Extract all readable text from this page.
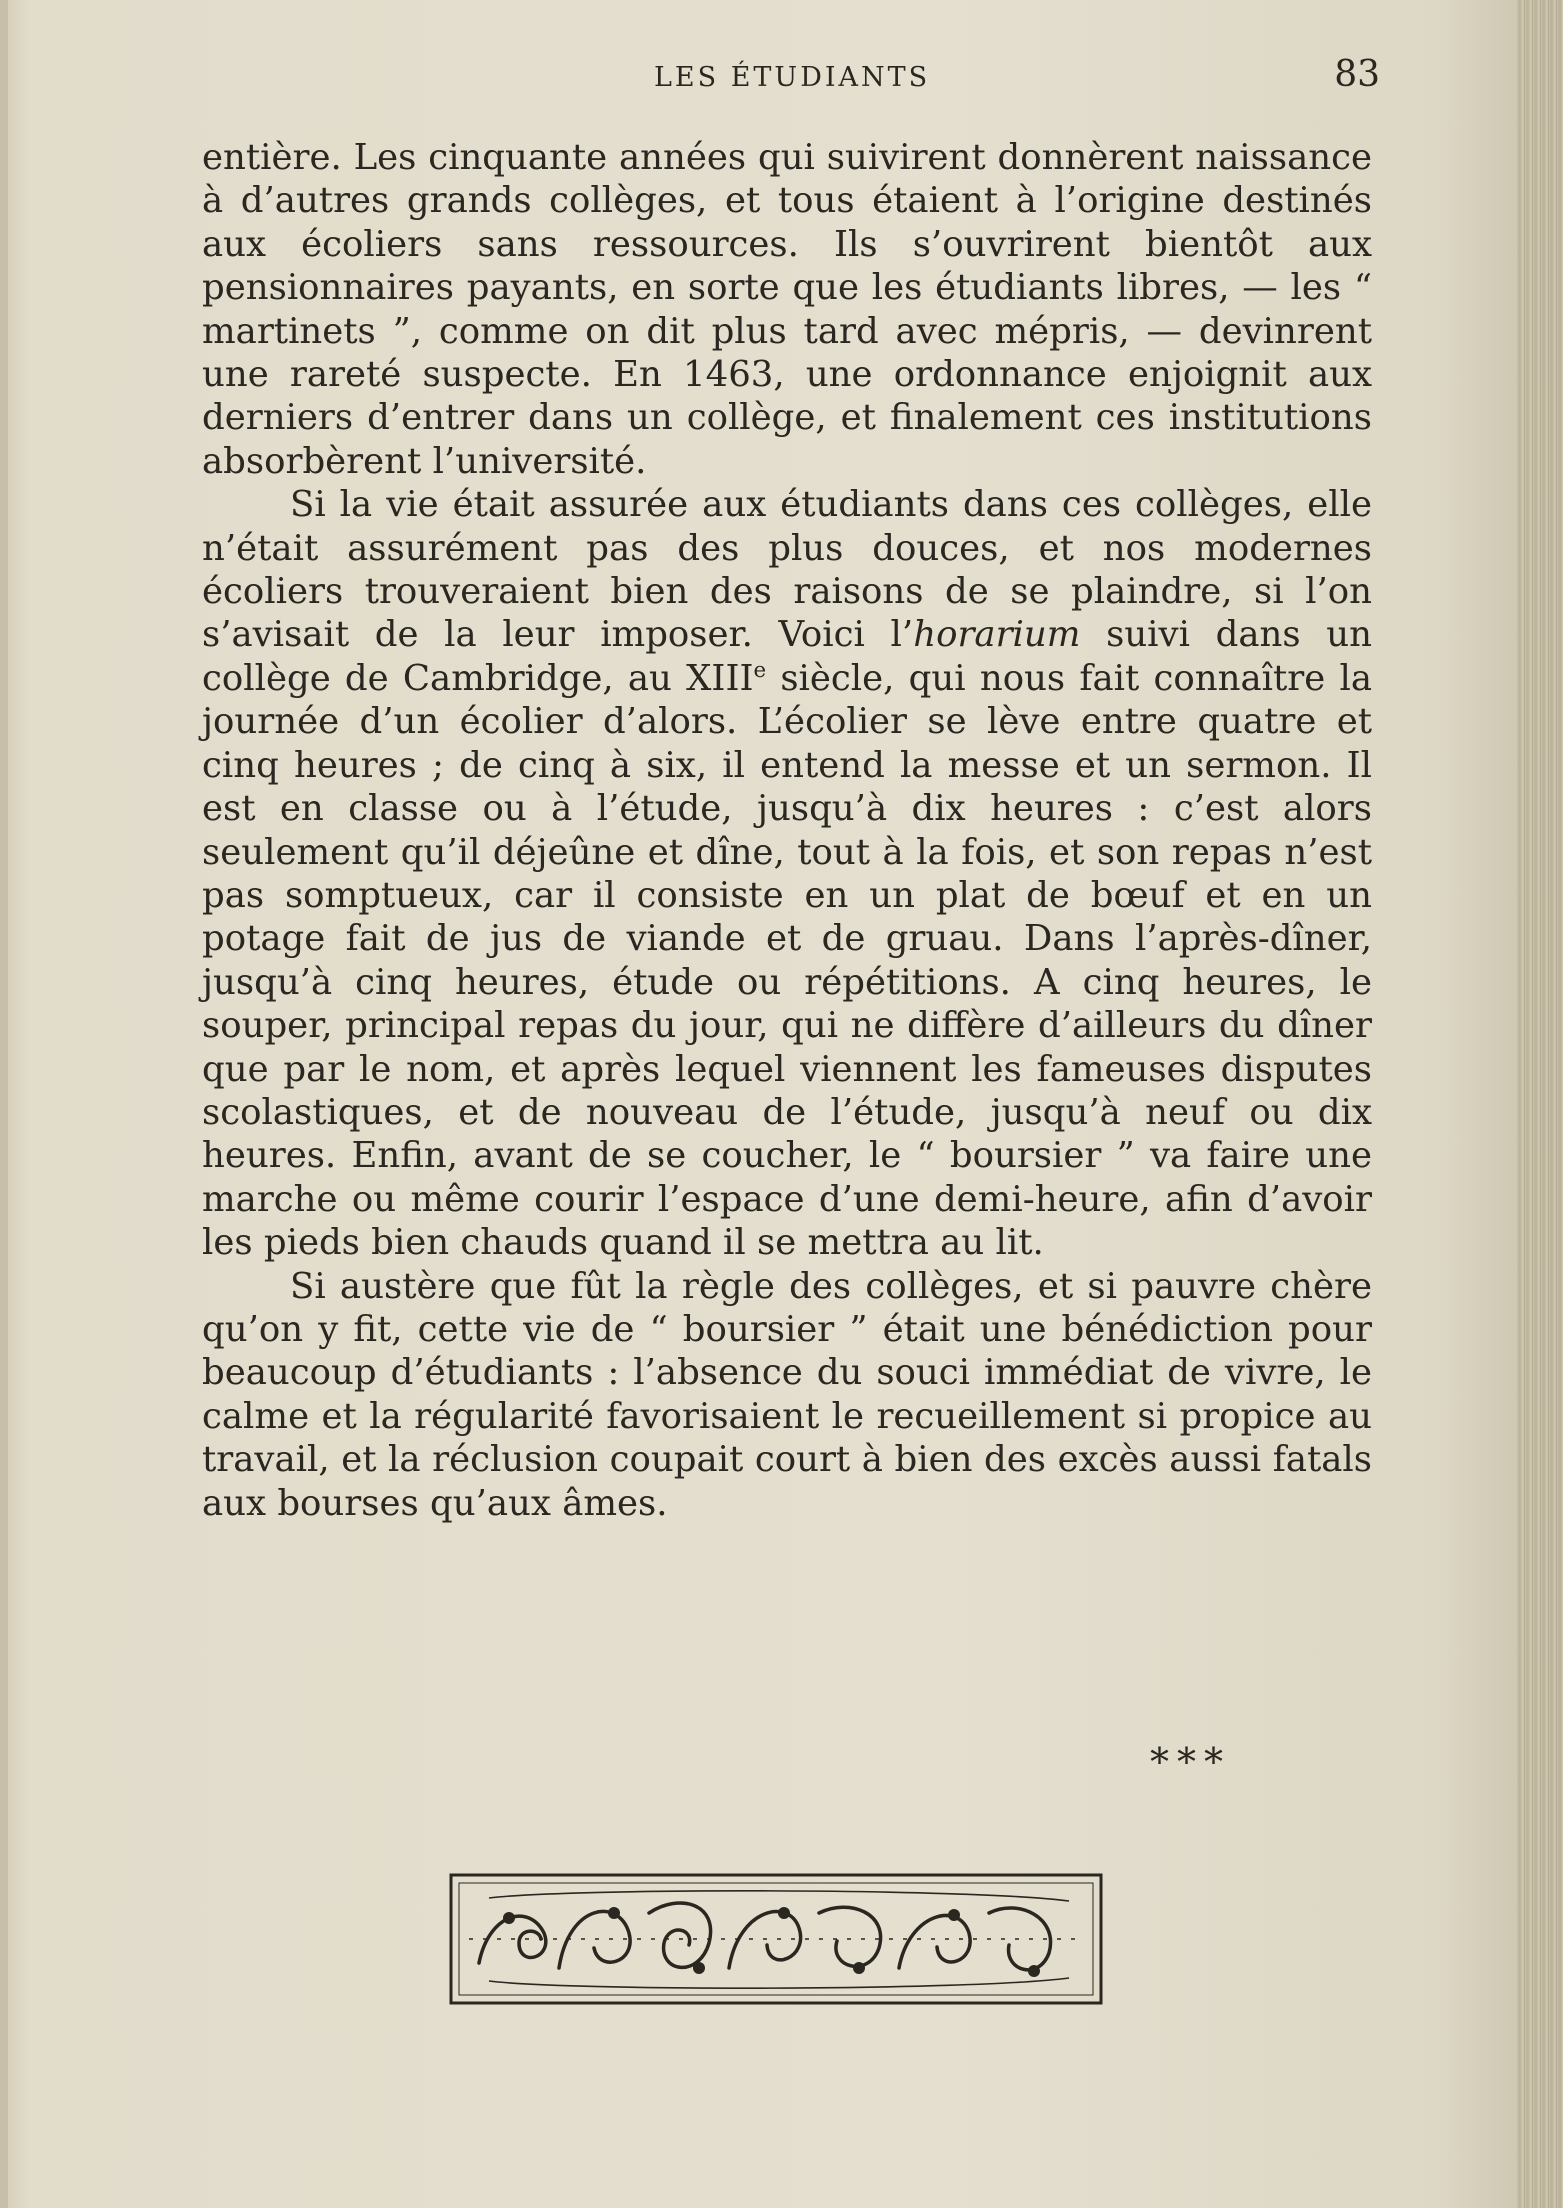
LES ÉTUDIANTS	83

entière. Les cinquante années qui suivirent donnèrent naissance à d’autres grands collèges, et tous étaient à l’origine destinés aux écoliers sans ressources. Ils s’ouvrirent bientôt aux pensionnaires payants, en sorte que les étudiants libres, — les “ martinets ”, comme on dit plus tard avec mépris, — devinrent une rareté suspecte. En 1463, une ordonnance enjoignit aux derniers d’entrer dans un collège, et finalement ces institutions absorbèrent l’université.

Si la vie était assurée aux étudiants dans ces collèges, elle n’était assurément pas des plus douces, et nos modernes écoliers trouveraient bien des raisons de se plaindre, si l’on s’avisait de la leur imposer. Voici l’horarium suivi dans un collège de Cambridge, au XIIIe siècle, qui nous fait connaître la journée d’un écolier d’alors. L’écolier se lève entre quatre et cinq heures ; de cinq à six, il entend la messe et un sermon. Il est en classe ou à l’étude, jusqu’à dix heures : c’est alors seulement qu’il déjeûne et dîne, tout à la fois, et son repas n’est pas somptueux, car il consiste en un plat de bœuf et en un potage fait de jus de viande et de gruau. Dans l’après-dîner, jusqu’à cinq heures, étude ou répétitions. A cinq heures, le souper, principal repas du jour, qui ne diffère d’ailleurs du dîner que par le nom, et après lequel viennent les fameuses disputes scolastiques, et de nouveau de l’étude, jusqu’à neuf ou dix heures. Enfin, avant de se coucher, le “ boursier ” va faire une marche ou même courir l’espace d’une demi-heure, afin d’avoir les pieds bien chauds quand il se mettra au lit.

Si austère que fût la règle des collèges, et si pauvre chère qu’on y fit, cette vie de “ boursier ” était une bénédiction pour beaucoup d’étudiants : l’absence du souci immédiat de vivre, le calme et la régularité favorisaient le recueillement si propice au travail, et la réclusion coupait court à bien des excès aussi fatals aux bourses qu’aux âmes.

***
